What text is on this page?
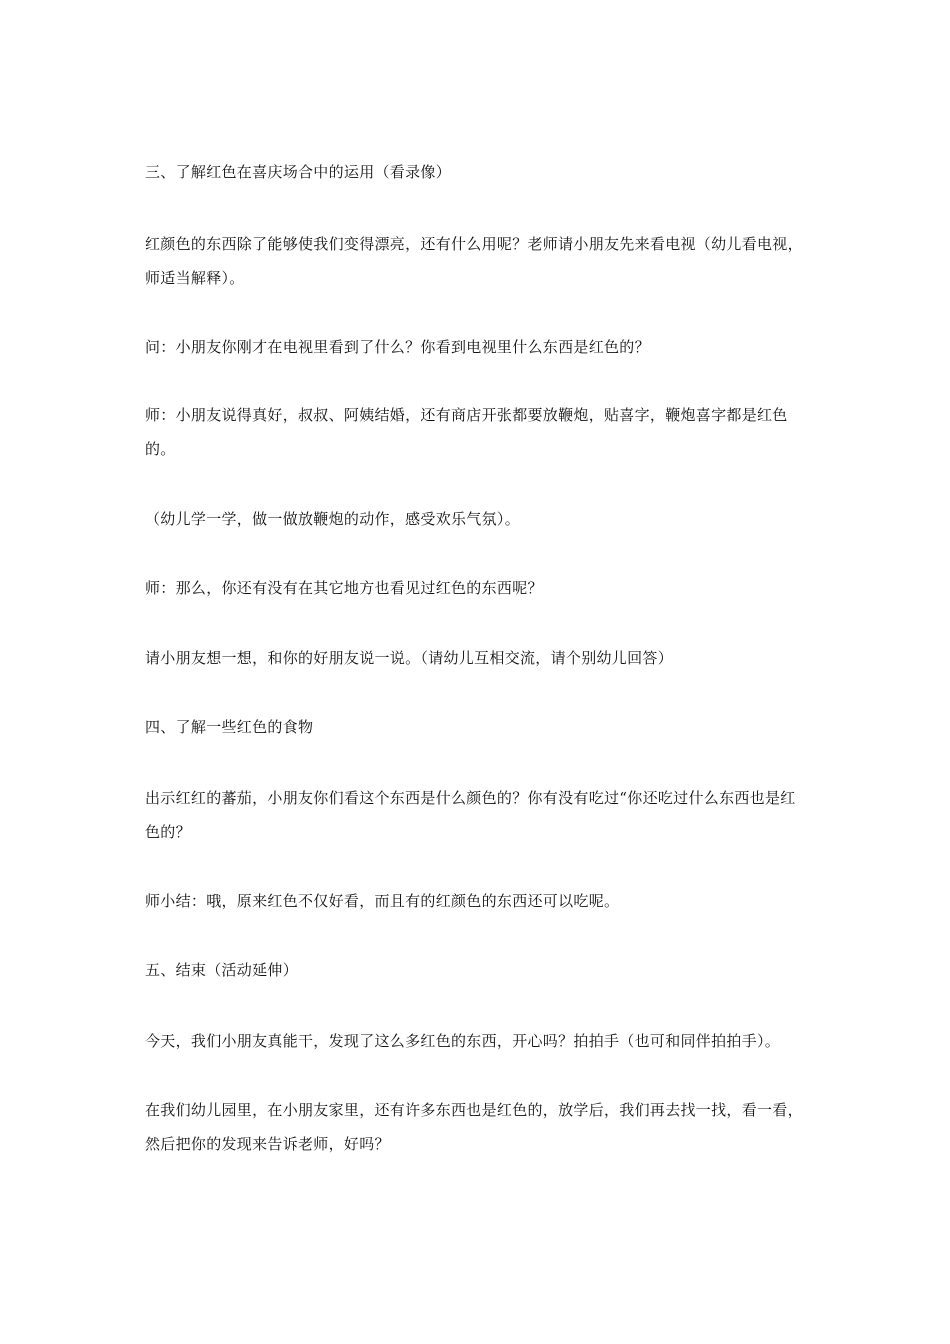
三、了解红色在喜庆场合中的运用（看录像）

红颜色的东西除了能够使我们变得漂亮，还有什么用呢？老师请小朋友先来看电视（幼儿看电视，师适当解释）。

问：小朋友你刚才在电视里看到了什么？你看到电视里什么东西是红色的？

师：小朋友说得真好，叔叔、阿姨结婚，还有商店开张都要放鞭炮，贴喜字，鞭炮喜字都是红色的。

（幼儿学一学，做一做放鞭炮的动作，感受欢乐气氛）。

师：那么，你还有没有在其它地方也看见过红色的东西呢？

请小朋友想一想，和你的好朋友说一说。（请幼儿互相交流，请个别幼儿回答）

四、了解一些红色的食物

出示红红的蕃茄，小朋友你们看这个东西是什么颜色的？你有没有吃过“你还吃过什么东西也是红色的？

师小结：哦，原来红色不仅好看，而且有的红颜色的东西还可以吃呢。

五、结束（活动延伸）

今天，我们小朋友真能干，发现了这么多红色的东西，开心吗？拍拍手（也可和同伴拍拍手）。

在我们幼儿园里，在小朋友家里，还有许多东西也是红色的，放学后，我们再去找一找，看一看，然后把你的发现来告诉老师，好吗？
